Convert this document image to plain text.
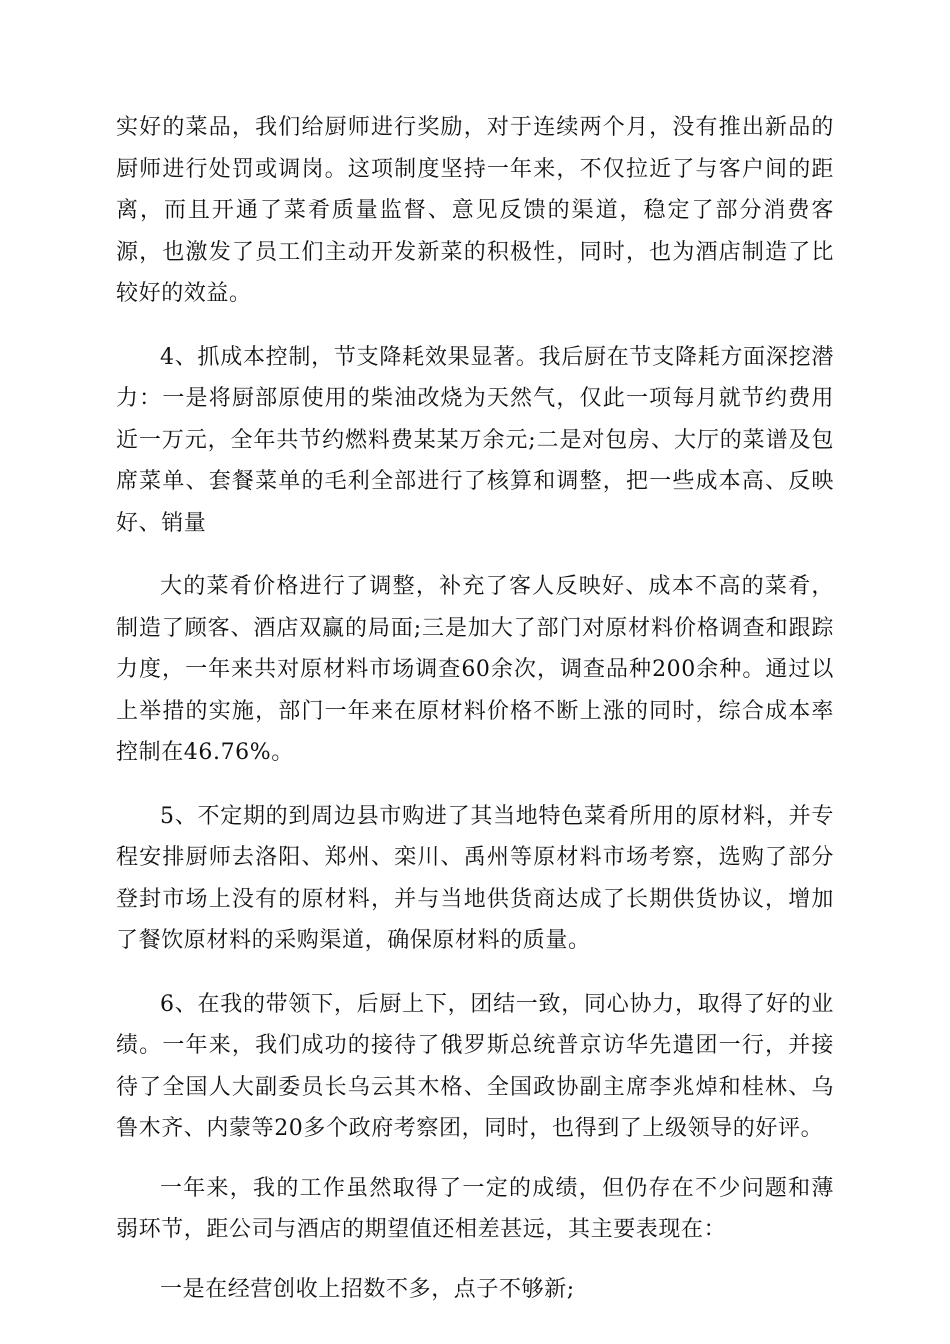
实好的菜品，我们给厨师进行奖励，对于连续两个月，没有推出新品的厨师进行处罚或调岗。这项制度坚持一年来，不仅拉近了与客户间的距离，而且开通了菜肴质量监督、意见反馈的渠道，稳定了部分消费客源，也激发了员工们主动开发新菜的积极性，同时，也为酒店制造了比较好的效益。

4、抓成本控制，节支降耗效果显著。我后厨在节支降耗方面深挖潜力：一是将厨部原使用的柴油改烧为天然气，仅此一项每月就节约费用近一万元，全年共节约燃料费某某万余元;二是对包房、大厅的菜谱及包席菜单、套餐菜单的毛利全部进行了核算和调整，把一些成本高、反映好、销量

大的菜肴价格进行了调整，补充了客人反映好、成本不高的菜肴，制造了顾客、酒店双赢的局面;三是加大了部门对原材料价格调查和跟踪力度，一年来共对原材料市场调查60余次，调查品种200余种。通过以上举措的实施，部门一年来在原材料价格不断上涨的同时，综合成本率控制在46.76%。

5、不定期的到周边县市购进了其当地特色菜肴所用的原材料，并专程安排厨师去洛阳、郑州、栾川、禹州等原材料市场考察，选购了部分登封市场上没有的原材料，并与当地供货商达成了长期供货协议，增加了餐饮原材料的采购渠道，确保原材料的质量。

6、在我的带领下，后厨上下，团结一致，同心协力，取得了好的业绩。一年来，我们成功的接待了俄罗斯总统普京访华先遣团一行，并接待了全国人大副委员长乌云其木格、全国政协副主席李兆焯和桂林、乌鲁木齐、内蒙等20多个政府考察团，同时，也得到了上级领导的好评。

一年来，我的工作虽然取得了一定的成绩，但仍存在不少问题和薄弱环节，距公司与酒店的期望值还相差甚远，其主要表现在：

一是在经营创收上招数不多，点子不够新;
